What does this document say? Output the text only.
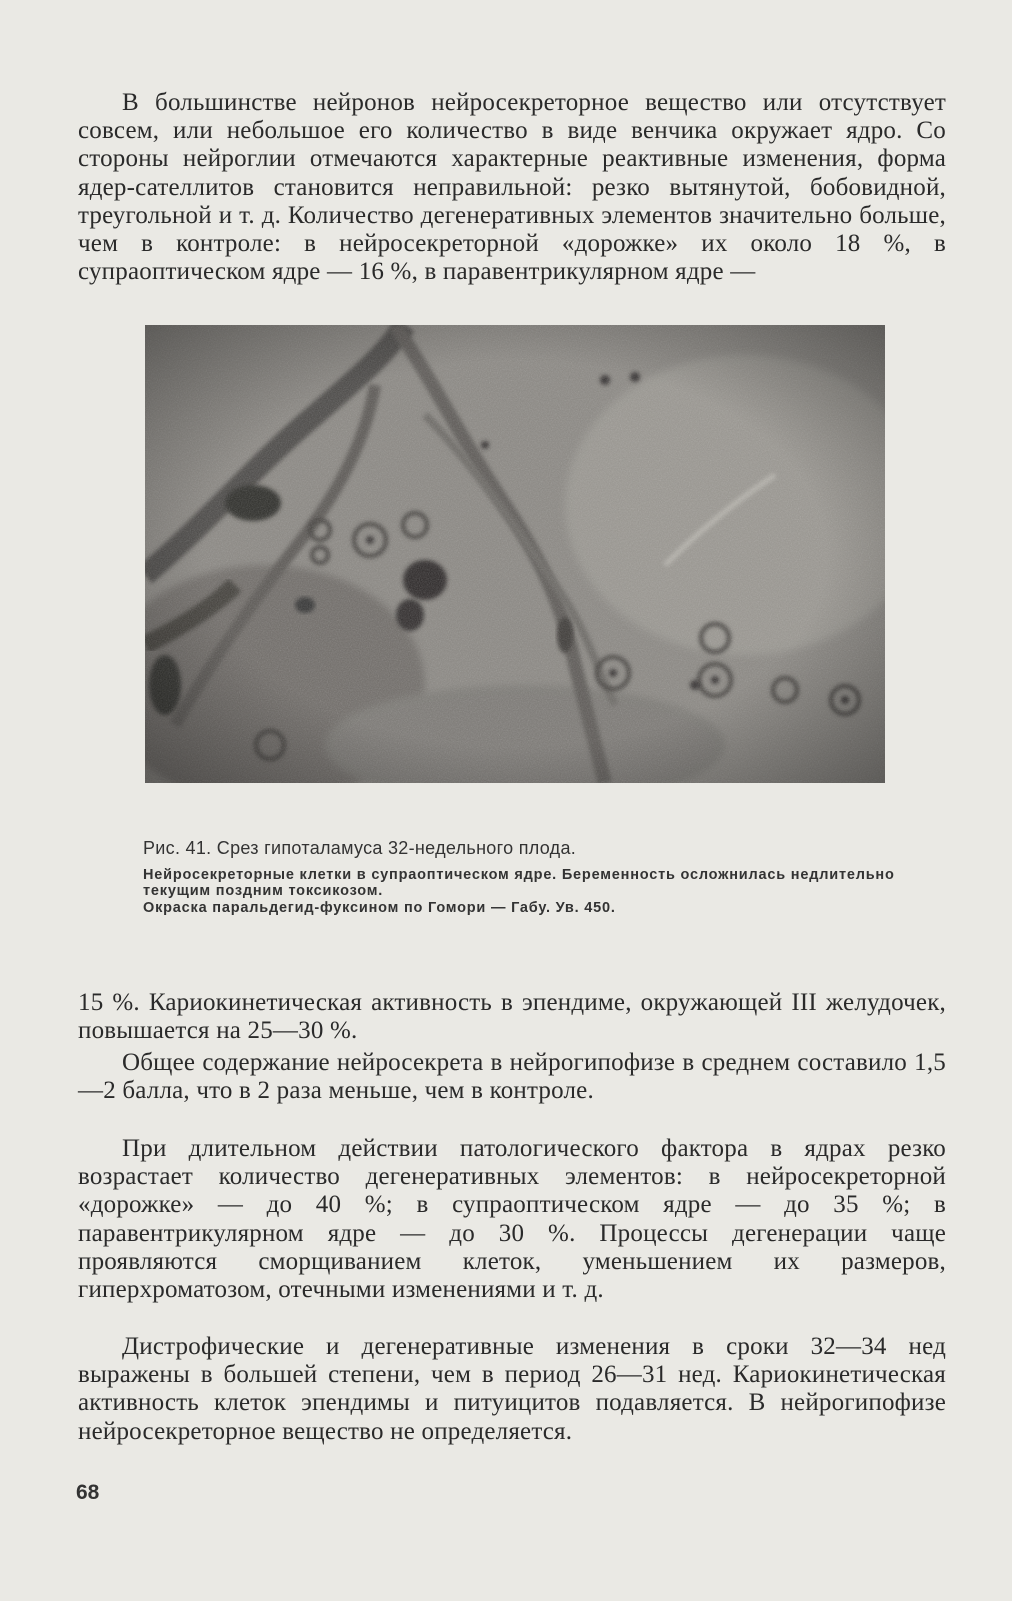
В большинстве нейронов нейросекреторное вещество или отсутствует совсем, или небольшое его количество в виде венчика окружает ядро. Со стороны нейроглии отмечаются характерные реактивные изменения, форма ядер-сателлитов становится неправильной: резко вытянутой, бобовидной, треугольной и т. д. Количество дегенеративных элементов значительно больше, чем в контроле: в нейросекреторной «дорожке» их около 18 %, в супраоптическом ядре — 16 %, в паравентрикулярном ядре —

Рис. 41. Срез гипоталамуса 32-недельного плода.
Нейросекреторные клетки в супраоптическом ядре. Беременность осложнилась недлительно текущим поздним токсикозом.
Окраска паральдегид-фуксином по Гомори — Габу. Ув. 450.

15 %. Кариокинетическая активность в эпендиме, окружающей III желудочек, повышается на 25—30 %.

Общее содержание нейросекрета в нейрогипофизе в среднем составило 1,5—2 балла, что в 2 раза меньше, чем в контроле.

При длительном действии патологического фактора в ядрах резко возрастает количество дегенеративных элементов: в нейросекреторной «дорожке» — до 40 %; в супраоптическом ядре — до 35 %; в паравентрикулярном ядре — до 30 %. Процессы дегенерации чаще проявляются сморщиванием клеток, уменьшением их размеров, гиперхроматозом, отечными изменениями и т. д.

Дистрофические и дегенеративные изменения в сроки 32—34 нед выражены в большей степени, чем в период 26—31 нед. Кариокинетическая активность клеток эпендимы и питуицитов подавляется. В нейрогипофизе нейросекреторное вещество не определяется.

68
